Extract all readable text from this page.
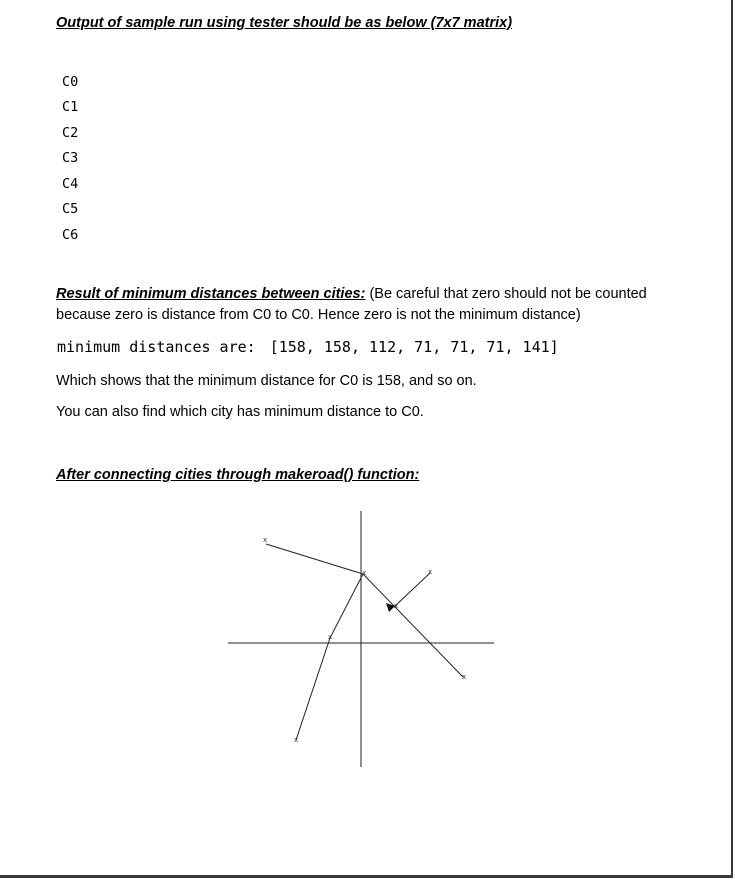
Output of sample run using tester should be as below (7x7 matrix)
C0
C1
C2
C3
C4
C5
C6
Result of minimum distances between cities: (Be careful that zero should not be counted
because zero is distance from C0 to C0. Hence zero is not the minimum distance)
minimum distances are: [158, 158, 112, 71, 71, 71, 141]
Which shows that the minimum distance for C0 is 158, and so on.
You can also find which city has minimum distance to C0.
After connecting cities through makeroad() function:
x
x	x
x
x
x
x
